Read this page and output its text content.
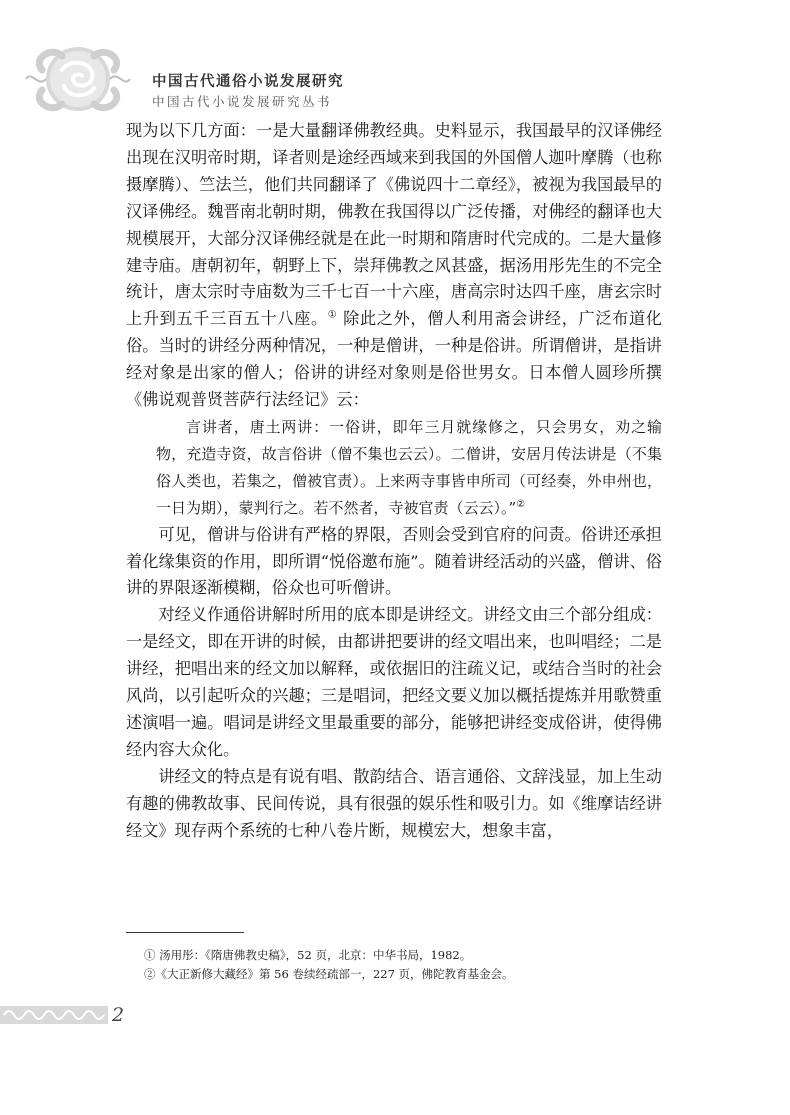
中国古代通俗小说发展研究
中国古代小说发展研究丛书

现为以下几方面：一是大量翻译佛教经典。史料显示，我国最早的汉译佛经出现在汉明帝时期，译者则是途经西域来到我国的外国僧人迦叶摩腾（也称摄摩腾）、竺法兰，他们共同翻译了《佛说四十二章经》，被视为我国最早的汉译佛经。魏晋南北朝时期，佛教在我国得以广泛传播，对佛经的翻译也大规模展开，大部分汉译佛经就是在此一时期和隋唐时代完成的。二是大量修建寺庙。唐朝初年，朝野上下，崇拜佛教之风甚盛，据汤用彤先生的不完全统计，唐太宗时寺庙数为三千七百一十六座，唐高宗时达四千座，唐玄宗时上升到五千三百五十八座。① 除此之外，僧人利用斋会讲经，广泛布道化俗。当时的讲经分两种情况，一种是僧讲，一种是俗讲。所谓僧讲，是指讲经对象是出家的僧人；俗讲的讲经对象则是俗世男女。日本僧人圆珍所撰《佛说观普贤菩萨行法经记》云：

言讲者，唐土两讲：一俗讲，即年三月就缘修之，只会男女，劝之输物，充造寺资，故言俗讲（僧不集也云云）。二僧讲，安居月传法讲是（不集俗人类也，若集之，僧被官责）。上来两寺事皆申所司（可经奏，外申州也，一日为期），蒙判行之。若不然者，寺被官责（云云）。”②

可见，僧讲与俗讲有严格的界限，否则会受到官府的问责。俗讲还承担着化缘集资的作用，即所谓“悦俗邀布施”。随着讲经活动的兴盛，僧讲、俗讲的界限逐渐模糊，俗众也可听僧讲。

对经义作通俗讲解时所用的底本即是讲经文。讲经文由三个部分组成：一是经文，即在开讲的时候，由都讲把要讲的经文唱出来，也叫唱经；二是讲经，把唱出来的经文加以解释，或依据旧的注疏义记，或结合当时的社会风尚，以引起听众的兴趣；三是唱词，把经文要义加以概括提炼并用歌赞重述演唱一遍。唱词是讲经文里最重要的部分，能够把讲经变成俗讲，使得佛经内容大众化。

讲经文的特点是有说有唱、散韵结合、语言通俗、文辞浅显，加上生动有趣的佛教故事、民间传说，具有很强的娱乐性和吸引力。如《维摩诘经讲经文》现存两个系统的七种八卷片断，规模宏大，想象丰富，

① 汤用彤：《隋唐佛教史稿》，52 页，北京：中华书局，1982。
②《大正新修大藏经》第 56 卷续经疏部一，227 页，佛陀教育基金会。
2
